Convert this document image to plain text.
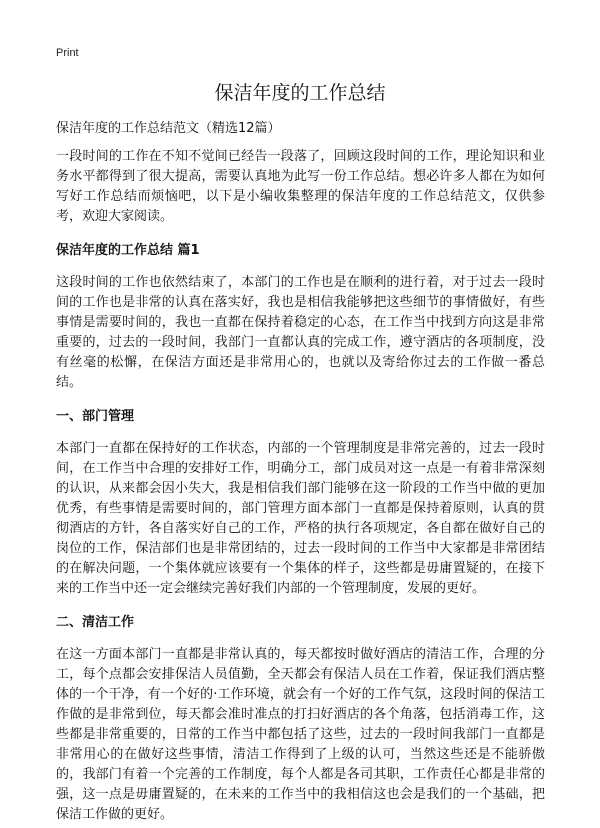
Print
保洁年度的工作总结

保洁年度的工作总结范文（精选12篇）

一段时间的工作在不知不觉间已经告一段落了，回顾这段时间的工作，理论知识和业务水平都得到了很大提高，需要认真地为此写一份工作总结。想必许多人都在为如何写好工作总结而烦恼吧，以下是小编收集整理的保洁年度的工作总结范文，仅供参考，欢迎大家阅读。

保洁年度的工作总结 篇1

这段时间的工作也依然结束了，本部门的工作也是在顺利的进行着，对于过去一段时间的工作也是非常的认真在落实好，我也是相信我能够把这些细节的事情做好，有些事情是需要时间的，我也一直都在保持着稳定的心态，在工作当中找到方向这是非常重要的，过去的一段时间，我部门一直都认真的完成工作，遵守酒店的各项制度，没有丝毫的松懈，在保洁方面还是非常用心的，也就以及寄给你过去的工作做一番总结。

一、部门管理

本部门一直都在保持好的工作状态，内部的一个管理制度是非常完善的，过去一段时间，在工作当中合理的安排好工作，明确分工，部门成员对这一点是一有着非常深刻的认识，从来都会因小失大，我是相信我们部门能够在这一阶段的工作当中做的更加优秀，有些事情是需要时间的，部门管理方面本部门一直都是保持着原则，认真的贯彻酒店的方针，各自落实好自己的工作，严格的执行各项规定，各自都在做好自己的岗位的工作，保洁部们也是非常团结的，过去一段时间的工作当中大家都是非常团结的在解决问题，一个集体就应该要有一个集体的样子，这些都是毋庸置疑的，在接下来的工作当中还一定会继续完善好我们内部的一个管理制度，发展的更好。

二、清洁工作

在这一方面本部门一直都是非常认真的，每天都按时做好酒店的清洁工作，合理的分工，每个点都会安排保洁人员值勤，全天都会有保洁人员在工作着，保证我们酒店整体的一个干净，有一个好的·工作环境，就会有一个好的工作气氛，这段时间的保洁工作做的是非常到位，每天都会准时准点的打扫好酒店的各个角落，包括消毒工作，这些都是非常重要的，日常的工作当中都包括了这些，过去的一段时间我部门一直都是非常用心的在做好这些事情，清洁工作得到了上级的认可，当然这些还是不能骄傲的，我部门有着一个完善的工作制度，每个人都是各司其职，工作责任心都是非常的强，这一点是毋庸置疑的，在未来的工作当中的我相信这也会是我们的一个基础，把保洁工作做的更好。
